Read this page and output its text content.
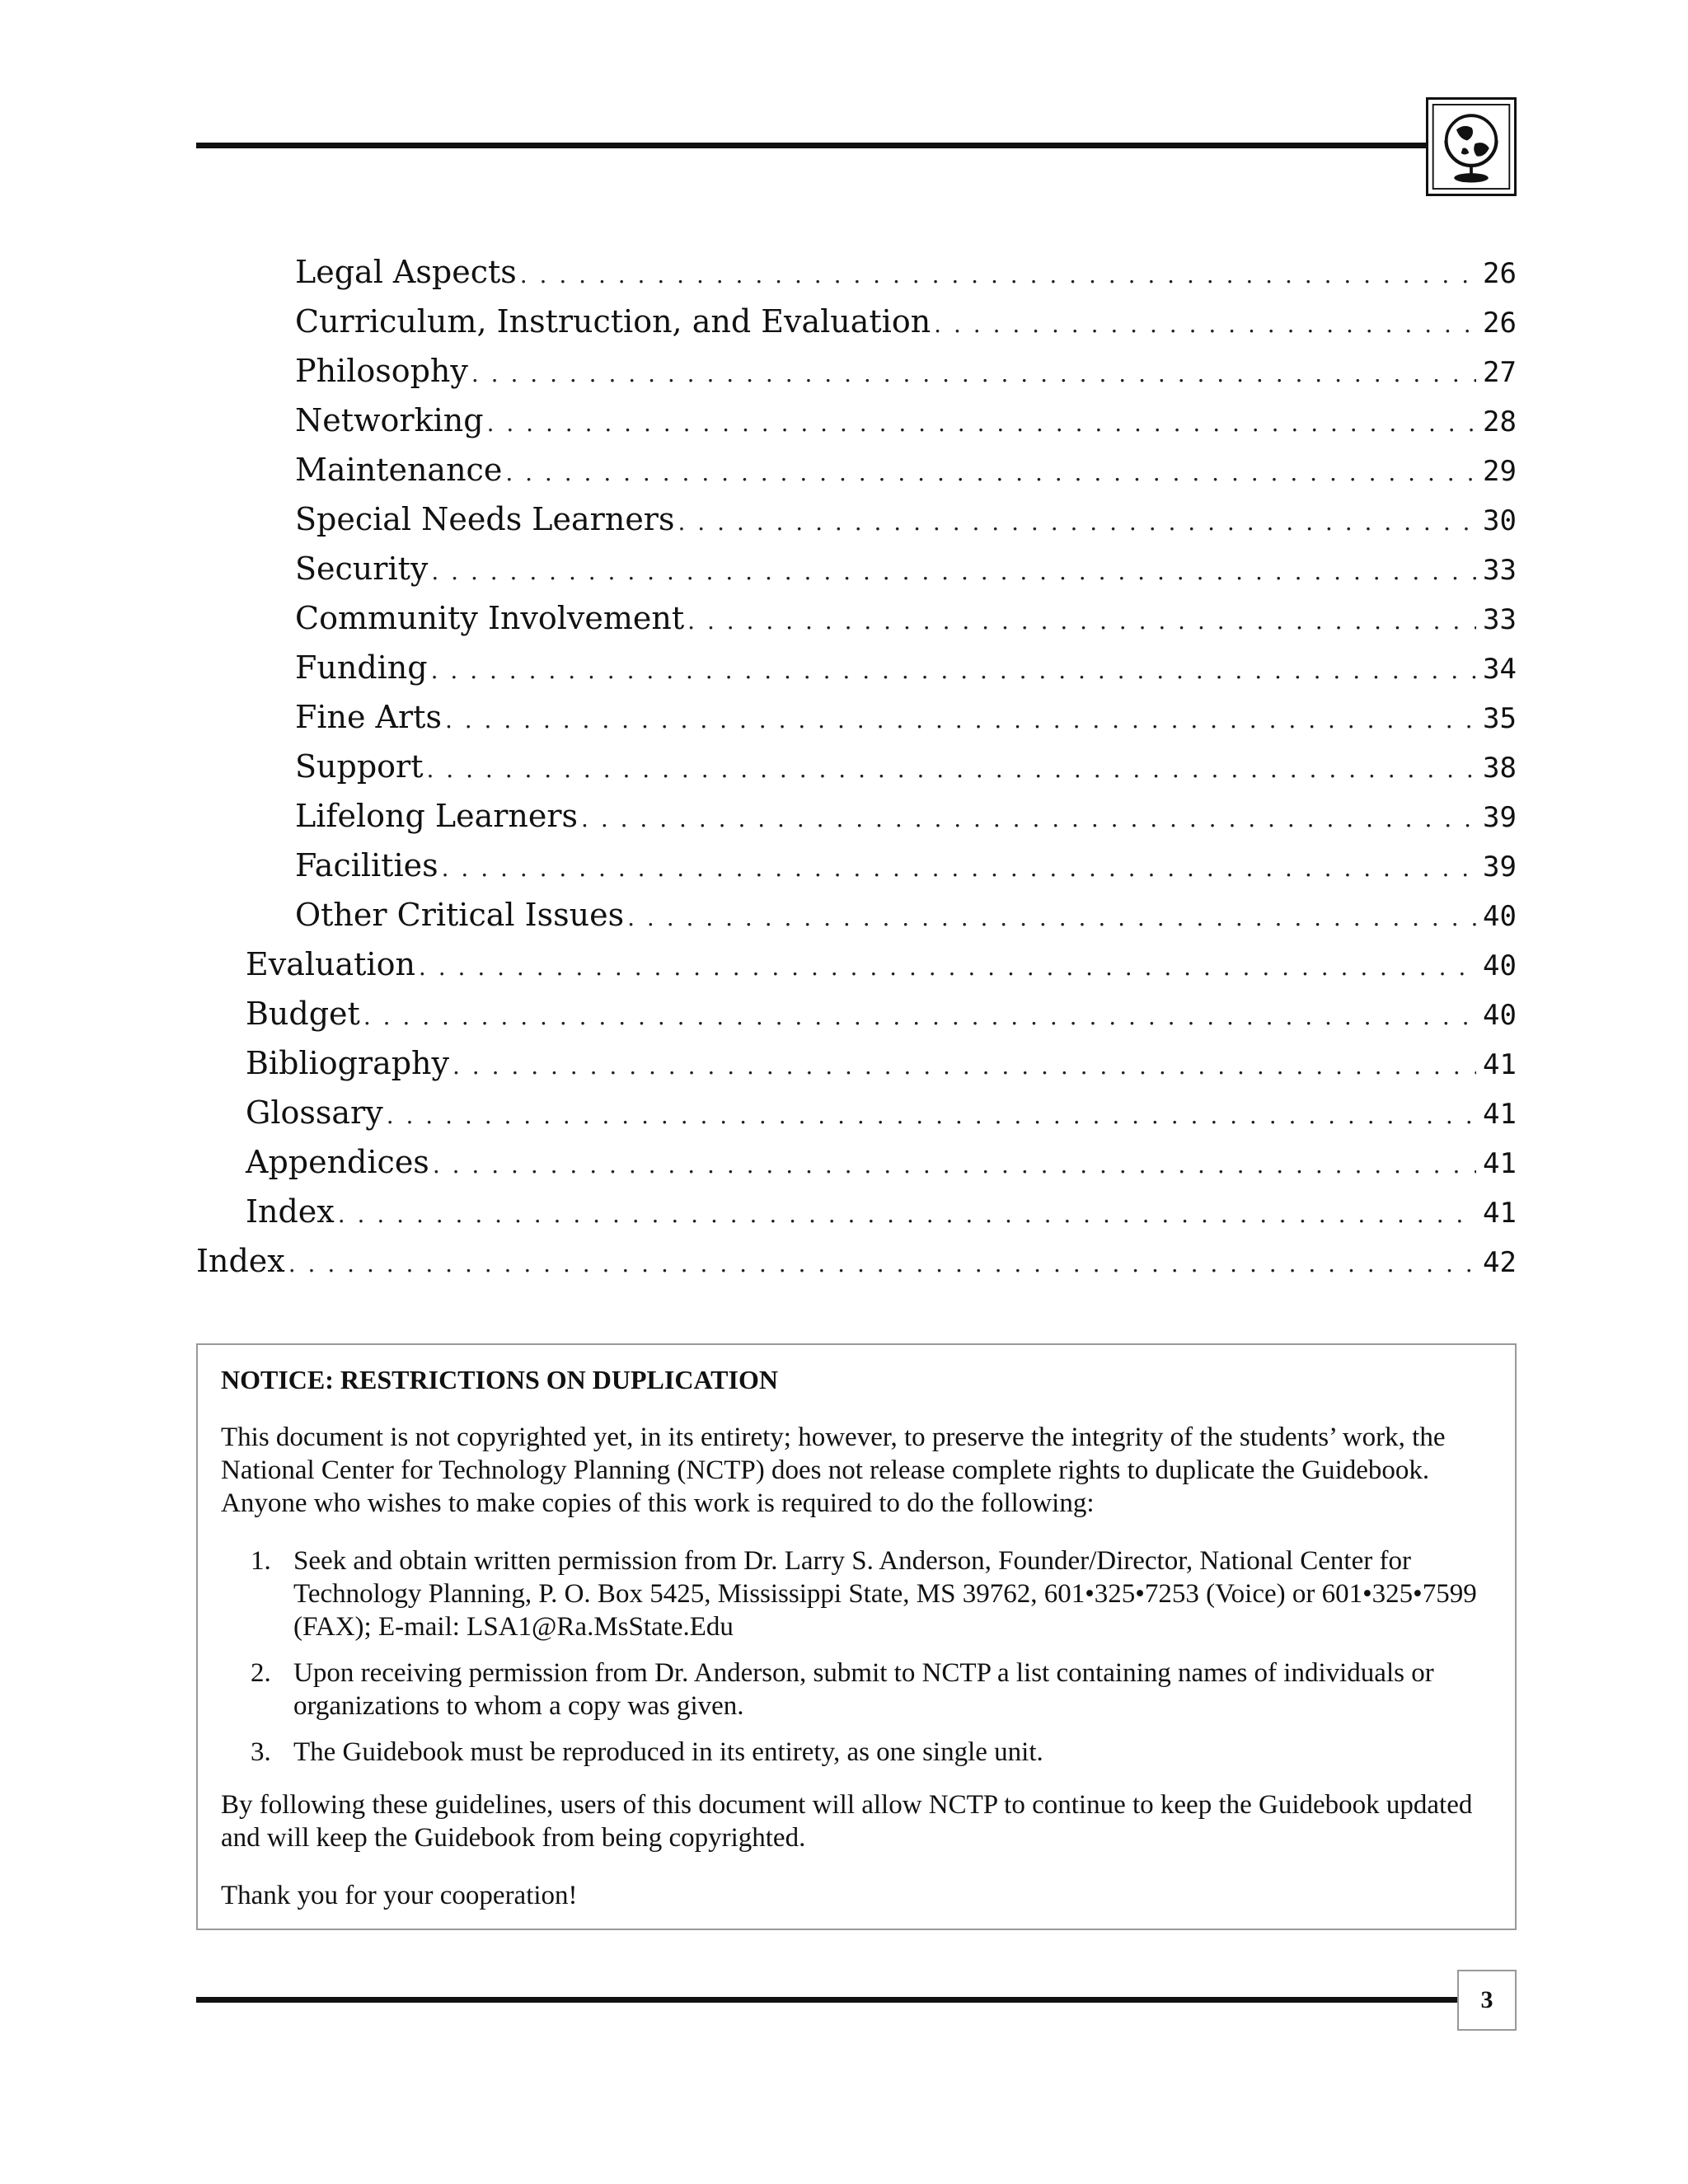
Legal Aspects . . .	26
Curriculum, Instruction, and Evaluation . . .	26
Philosophy . . .	27
Networking . . .	28
Maintenance . . .	29
Special Needs Learners . . .	30
Security . . .	33
Community Involvement . . .	33
Funding . . .	34
Fine Arts . . .	35
Support . . .	38
Lifelong Learners . . .	39
Facilities . . .	39
Other Critical Issues . . .	40
Evaluation . . .	40
Budget . . .	40
Bibliography . . .	41
Glossary . . .	41
Appendices . . .	41
Index . . .	41
Index . . .	42
NOTICE: RESTRICTIONS ON DUPLICATION

This document is not copyrighted yet, in its entirety; however, to preserve the integrity of the students’ work, the National Center for Technology Planning (NCTP) does not release complete rights to duplicate the Guidebook. Anyone who wishes to make copies of this work is required to do the following:

1. Seek and obtain written permission from Dr. Larry S. Anderson, Founder/Director, National Center for Technology Planning, P. O. Box 5425, Mississippi State, MS 39762, 601•325•7253 (Voice) or 601•325•7599 (FAX); E-mail: LSA1@Ra.MsState.Edu
2. Upon receiving permission from Dr. Anderson, submit to NCTP a list containing names of individuals or organizations to whom a copy was given.
3. The Guidebook must be reproduced in its entirety, as one single unit.

By following these guidelines, users of this document will allow NCTP to continue to keep the Guidebook updated and will keep the Guidebook from being copyrighted.

Thank you for your cooperation!

3
